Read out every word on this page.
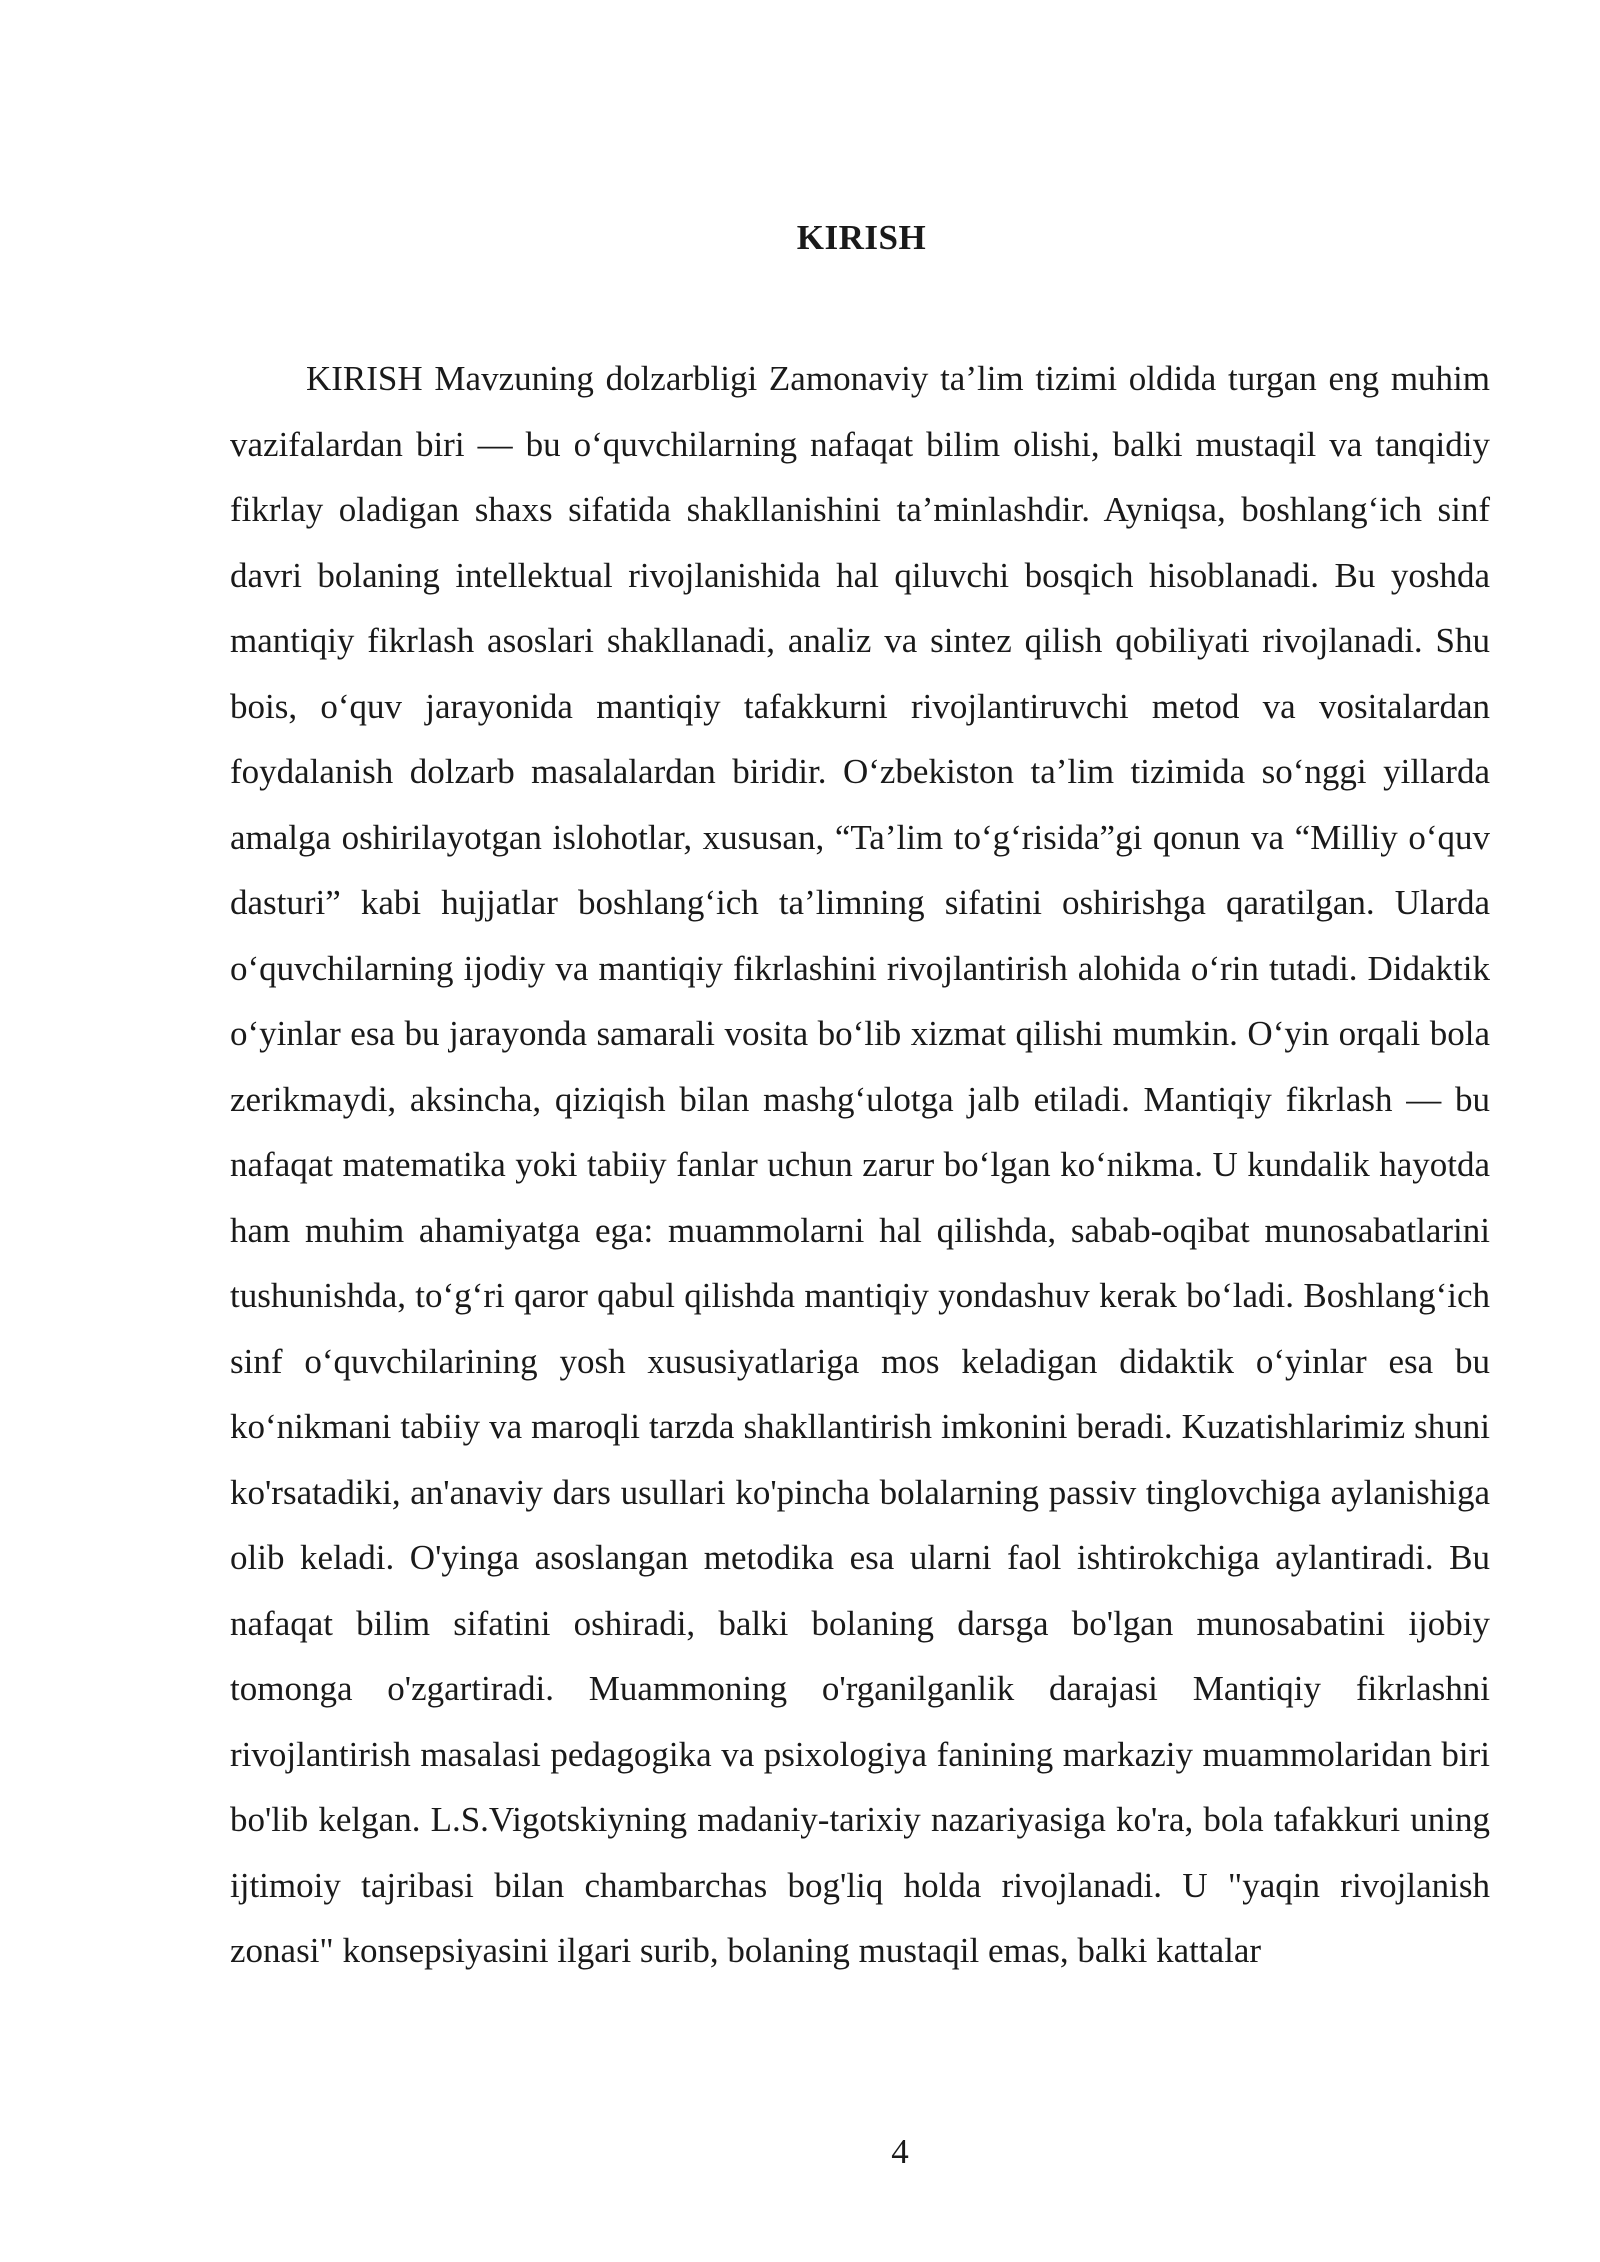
KIRISH

KIRISH Mavzuning dolzarbligi Zamonaviy ta’lim tizimi oldida turgan eng muhim vazifalardan biri — bu o‘quvchilarning nafaqat bilim olishi, balki mustaqil va tanqidiy fikrlay oladigan shaxs sifatida shakllanishini ta’minlashdir. Ayniqsa, boshlang‘ich sinf davri bolaning intellektual rivojlanishida hal qiluvchi bosqich hisoblanadi. Bu yoshda mantiqiy fikrlash asoslari shakllanadi, analiz va sintez qilish qobiliyati rivojlanadi. Shu bois, o‘quv jarayonida mantiqiy tafakkurni rivojlantiruvchi metod va vositalardan foydalanish dolzarb masalalardan biridir. O‘zbekiston ta’lim tizimida so‘nggi yillarda amalga oshirilayotgan islohotlar, xususan, “Ta’lim to‘g‘risida”gi qonun va “Milliy o‘quv dasturi” kabi hujjatlar boshlang‘ich ta’limning sifatini oshirishga qaratilgan. Ularda o‘quvchilarning ijodiy va mantiqiy fikrlashini rivojlantirish alohida o‘rin tutadi. Didaktik o‘yinlar esa bu jarayonda samarali vosita bo‘lib xizmat qilishi mumkin. O‘yin orqali bola zerikmaydi, aksincha, qiziqish bilan mashg‘ulotga jalb etiladi. Mantiqiy fikrlash — bu nafaqat matematika yoki tabiiy fanlar uchun zarur bo‘lgan ko‘nikma. U kundalik hayotda ham muhim ahamiyatga ega: muammolarni hal qilishda, sabab-oqibat munosabatlarini tushunishda, to‘g‘ri qaror qabul qilishda mantiqiy yondashuv kerak bo‘ladi. Boshlang‘ich sinf o‘quvchilarining yosh xususiyatlariga mos keladigan didaktik o‘yinlar esa bu ko‘nikmani tabiiy va maroqli tarzda shakllantirish imkonini beradi. Kuzatishlarimiz shuni ko'rsatadiki, an'anaviy dars usullari ko'pincha bolalarning passiv tinglovchiga aylanishiga olib keladi. O'yinga asoslangan metodika esa ularni faol ishtirokchiga aylantiradi. Bu nafaqat bilim sifatini oshiradi, balki bolaning darsga bo'lgan munosabatini ijobiy tomonga o'zgartiradi. Muammoning o'rganilganlik darajasi Mantiqiy fikrlashni rivojlantirish masalasi pedagogika va psixologiya fanining markaziy muammolaridan biri bo'lib kelgan. L.S.Vigotskiyning madaniy-tarixiy nazariyasiga ko'ra, bola tafakkuri uning ijtimoiy tajribasi bilan chambarchas bog'liq holda rivojlanadi. U "yaqin rivojlanish zonasi" konsepsiyasini ilgari surib, bolaning mustaqil emas, balki kattalar

4
